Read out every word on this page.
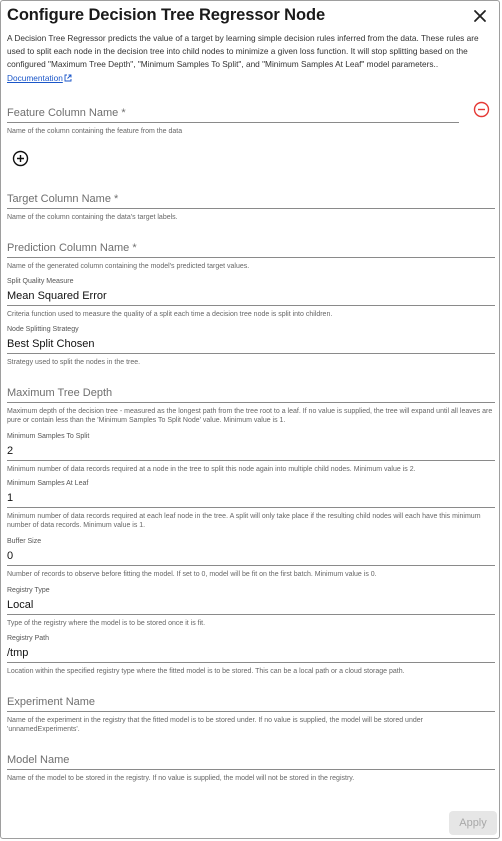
Configure Decision Tree Regressor Node
A Decision Tree Regressor predicts the value of a target by learning simple decision rules inferred from the data. These rules are used to split each node in the decision tree into child nodes to minimize a given loss function. It will stop splitting based on the configured "Maximum Tree Depth", "Minimum Samples To Split", and "Minimum Samples At Leaf" model parameters..
Documentation
Feature Column Name *
Name of the column containing the feature from the data
Target Column Name *
Name of the column containing the data's target labels.
Prediction Column Name *
Name of the generated column containing the model's predicted target values.
Split Quality Measure
Mean Squared Error
Criteria function used to measure the quality of a split each time a decision tree node is split into children.
Node Splitting Strategy
Best Split Chosen
Strategy used to split the nodes in the tree.
Maximum Tree Depth
Maximum depth of the decision tree - measured as the longest path from the tree root to a leaf. If no value is supplied, the tree will expand until all leaves are pure or contain less than the 'Minimum Samples To Split Node' value. Minimum value is 1.
Minimum Samples To Split
2
Minimum number of data records required at a node in the tree to split this node again into multiple child nodes. Minimum value is 2.
Minimum Samples At Leaf
1
Minimum number of data records required at each leaf node in the tree. A split will only take place if the resulting child nodes will each have this minimum number of data records. Minimum value is 1.
Buffer Size
0
Number of records to observe before fitting the model. If set to 0, model will be fit on the first batch. Minimum value is 0.
Registry Type
Local
Type of the registry where the model is to be stored once it is fit.
Registry Path
/tmp
Location within the specified registry type where the fitted model is to be stored. This can be a local path or a cloud storage path.
Experiment Name
Name of the experiment in the registry that the fitted model is to be stored under. If no value is supplied, the model will be stored under 'unnamedExperiments'.
Model Name
Name of the model to be stored in the registry. If no value is supplied, the model will not be stored in the registry.
Apply
